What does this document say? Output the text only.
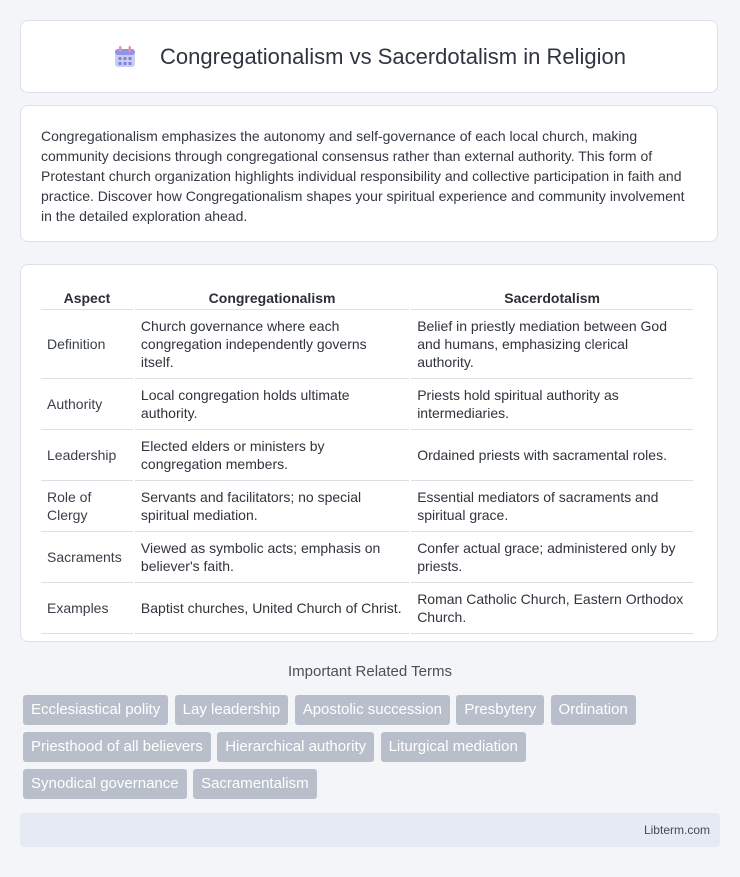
Congregationalism vs Sacerdotalism in Religion

Congregationalism emphasizes the autonomy and self-governance of each local church, making community decisions through congregational consensus rather than external authority. This form of Protestant church organization highlights individual responsibility and collective participation in faith and practice. Discover how Congregationalism shapes your spiritual experience and community involvement in the detailed exploration ahead.

Aspect	Congregationalism	Sacerdotalism
Definition	Church governance where each congregation independently governs itself.	Belief in priestly mediation between God and humans, emphasizing clerical authority.
Authority	Local congregation holds ultimate authority.	Priests hold spiritual authority as intermediaries.
Leadership	Elected elders or ministers by congregation members.	Ordained priests with sacramental roles.
Role of Clergy	Servants and facilitators; no special spiritual mediation.	Essential mediators of sacraments and spiritual grace.
Sacraments	Viewed as symbolic acts; emphasis on believer's faith.	Confer actual grace; administered only by priests.
Examples	Baptist churches, United Church of Christ.	Roman Catholic Church, Eastern Orthodox Church.
Important Related Terms
Ecclesiastical polity Lay leadership Apostolic succession Presbytery Ordination
Priesthood of all believers Hierarchical authority Liturgical mediation
Synodical governance Sacramentalism
Libterm.com
